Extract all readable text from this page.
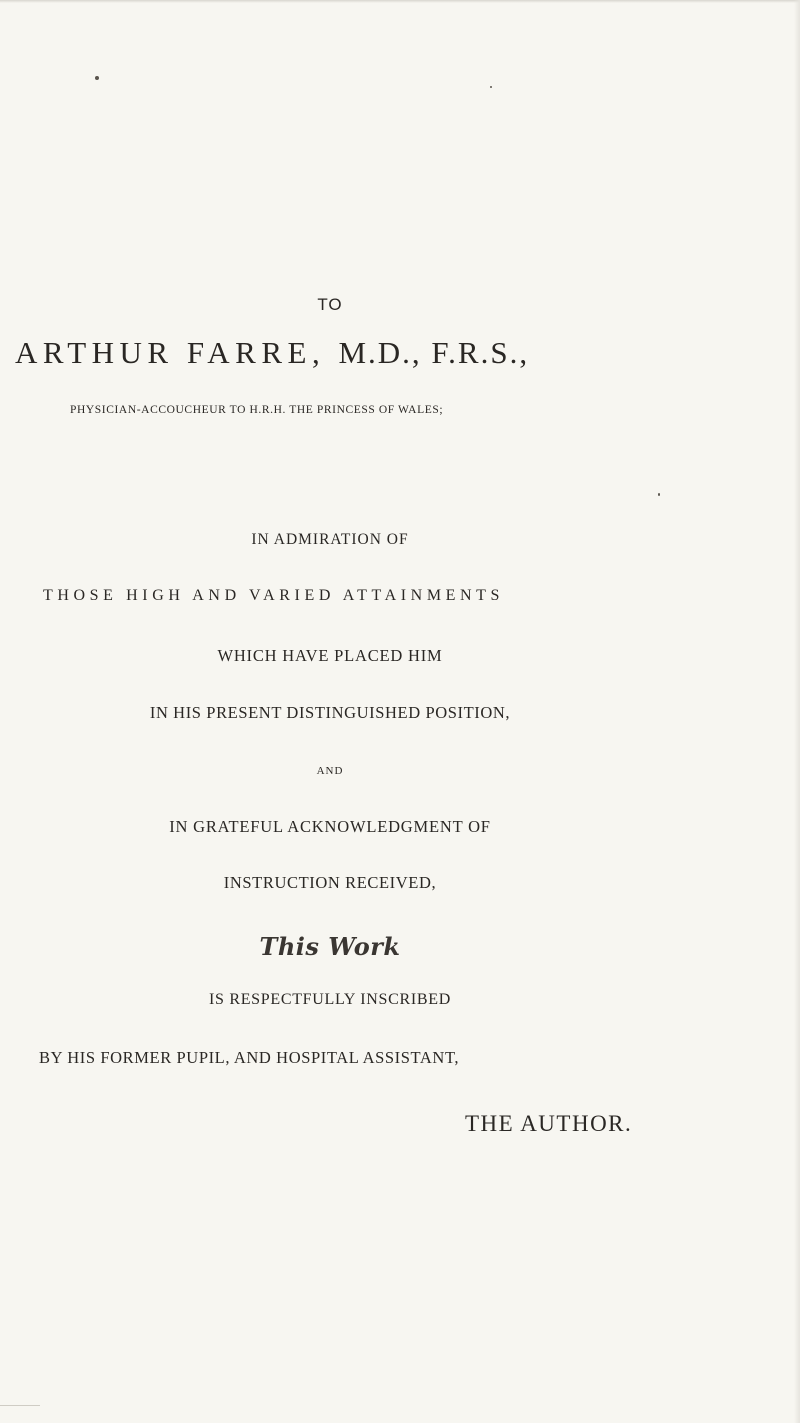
TO
ARTHUR FARRE, M.D., F.R.S.,
PHYSICIAN-ACCOUCHEUR TO H.R.H. THE PRINCESS OF WALES;
IN ADMIRATION OF
THOSE HIGH AND VARIED ATTAINMENTS
WHICH HAVE PLACED HIM
IN HIS PRESENT DISTINGUISHED POSITION,
AND
IN GRATEFUL ACKNOWLEDGMENT OF
INSTRUCTION RECEIVED,
This Work
IS RESPECTFULLY INSCRIBED
BY HIS FORMER PUPIL, AND HOSPITAL ASSISTANT,
THE AUTHOR.
